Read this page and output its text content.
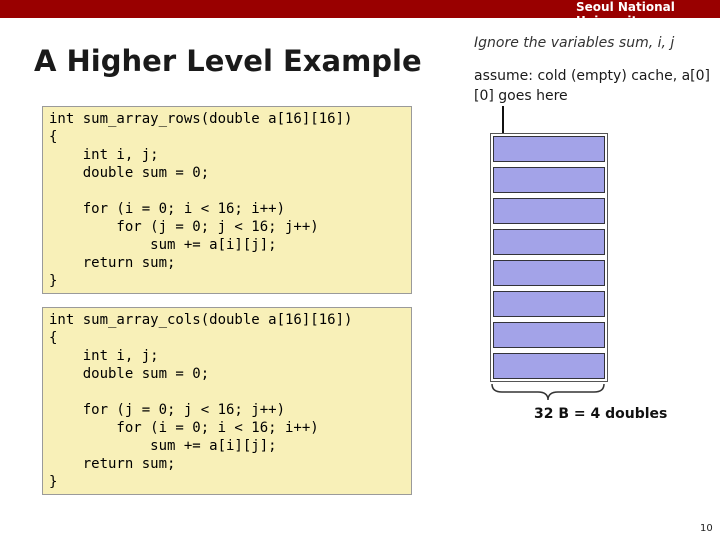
Seoul National University
A Higher Level Example
int sum_array_rows(double a[16][16])
{
int i, j;
double sum = 0;

for (i = 0; i < 16; i++)
for (j = 0; j < 16; j++)
sum += a[i][j];
return sum;
}
int sum_array_cols(double a[16][16])
{
int i, j;
double sum = 0;

for (j = 0; j < 16; j++)
for (i = 0; i < 16; i++)
sum += a[i][j];
return sum;
}
Ignore the variables sum, i, j
assume: cold (empty) cache, a[0][0] goes here
32 B = 4 doubles
10
